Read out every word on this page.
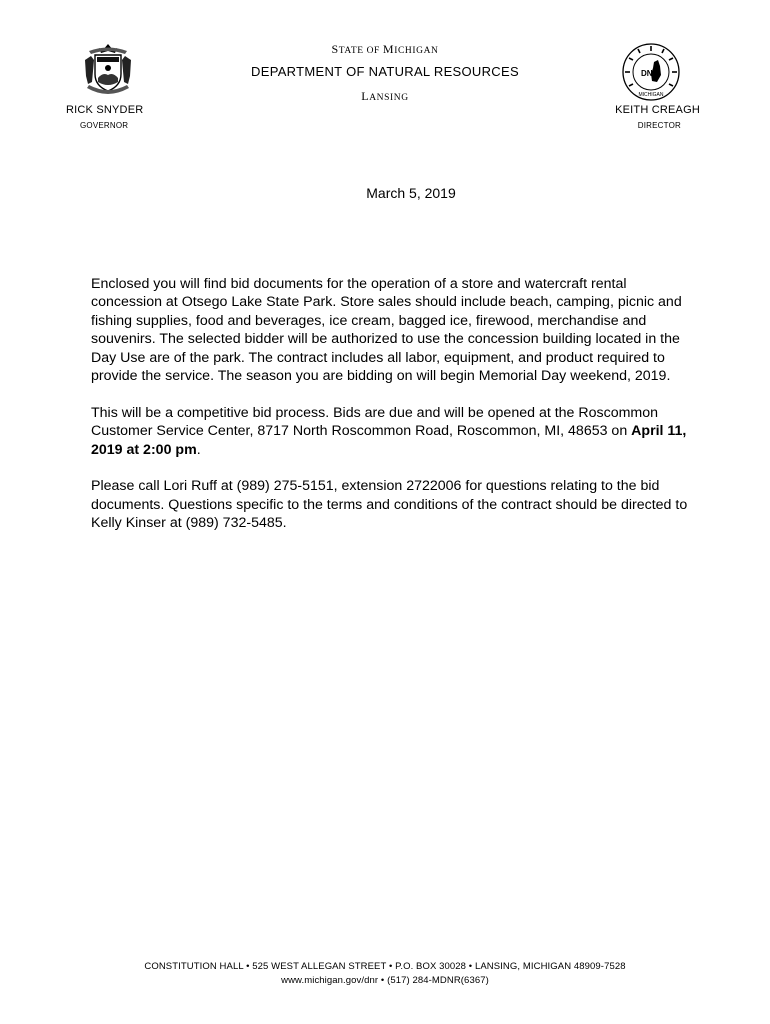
DNR
MICHIGAN
STATE OF MICHIGAN
DEPARTMENT OF NATURAL RESOURCES
LANSING
RICK SNYDER
GOVERNOR
KEITH CREAGH
DIRECTOR
March 5, 2019

Enclosed you will find bid documents for the operation of a store and watercraft rental concession at Otsego Lake State Park. Store sales should include beach, camping, picnic and fishing supplies, food and beverages, ice cream, bagged ice, firewood, merchandise and souvenirs. The selected bidder will be authorized to use the concession building located in the Day Use are of the park. The contract includes all labor, equipment, and product required to provide the service. The season you are bidding on will begin Memorial Day weekend, 2019.

This will be a competitive bid process. Bids are due and will be opened at the Roscommon Customer Service Center, 8717 North Roscommon Road, Roscommon, MI, 48653 on April 11, 2019 at 2:00 pm.

Please call Lori Ruff at (989) 275-5151, extension 2722006 for questions relating to the bid documents. Questions specific to the terms and conditions of the contract should be directed to Kelly Kinser at (989) 732-5485.

CONSTITUTION HALL • 525 WEST ALLEGAN STREET • P.O. BOX 30028 • LANSING, MICHIGAN 48909-7528
www.michigan.gov/dnr • (517) 284-MDNR(6367)
